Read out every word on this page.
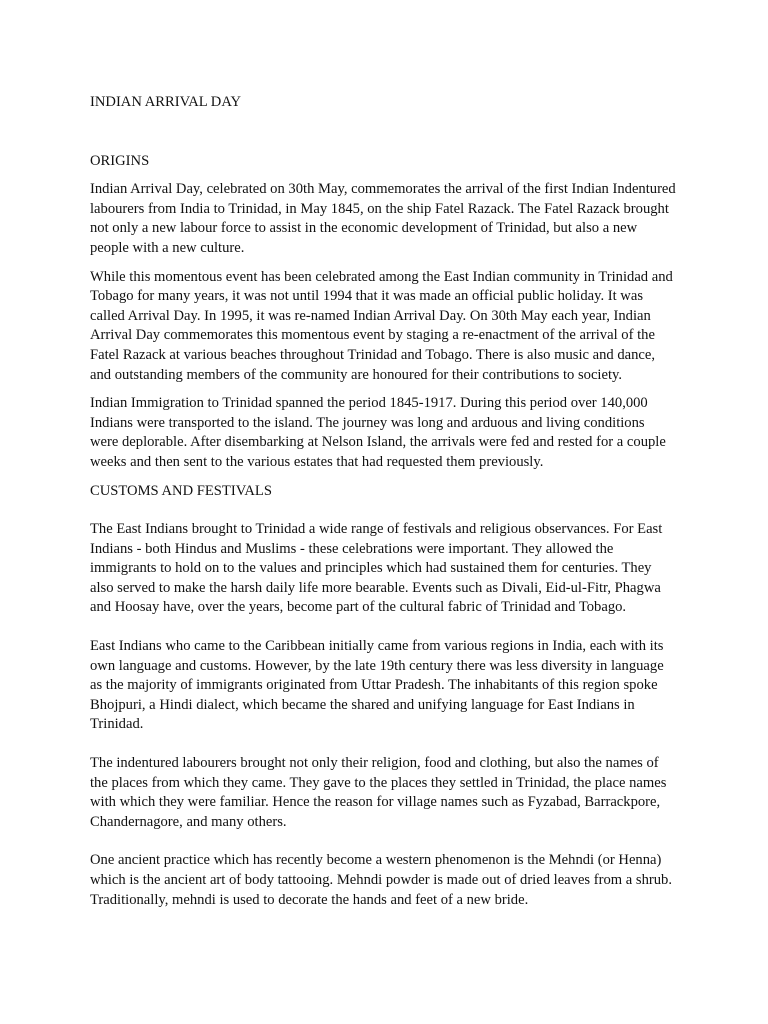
INDIAN ARRIVAL DAY
ORIGINS

Indian Arrival Day, celebrated on 30th May, commemorates the arrival of the first Indian Indentured labourers from India to Trinidad, in May 1845, on the ship Fatel Razack. The Fatel Razack brought not only a new labour force to assist in the economic development of Trinidad, but also a new people with a new culture.

While this momentous event has been celebrated among the East Indian community in Trinidad and Tobago for many years, it was not until 1994 that it was made an official public holiday. It was called Arrival Day. In 1995, it was re-named Indian Arrival Day. On 30th May each year, Indian Arrival Day commemorates this momentous event by staging a re-enactment of the arrival of the Fatel Razack at various beaches throughout Trinidad and Tobago. There is also music and dance, and outstanding members of the community are honoured for their contributions to society.

Indian Immigration to Trinidad spanned the period 1845-1917. During this period over 140,000 Indians were transported to the island. The journey was long and arduous and living conditions were deplorable. After disembarking at Nelson Island, the arrivals were fed and rested for a couple weeks and then sent to the various estates that had requested them previously.

CUSTOMS AND FESTIVALS

The East Indians brought to Trinidad a wide range of festivals and religious observances. For East Indians - both Hindus and Muslims - these celebrations were important. They allowed the immigrants to hold on to the values and principles which had sustained them for centuries. They also served to make the harsh daily life more bearable. Events such as Divali, Eid-ul-Fitr, Phagwa and Hoosay have, over the years, become part of the cultural fabric of Trinidad and Tobago.

East Indians who came to the Caribbean initially came from various regions in India, each with its own language and customs. However, by the late 19th century there was less diversity in language as the majority of immigrants originated from Uttar Pradesh. The inhabitants of this region spoke Bhojpuri, a Hindi dialect, which became the shared and unifying language for East Indians in Trinidad.

The indentured labourers brought not only their religion, food and clothing, but also the names of the places from which they came. They gave to the places they settled in Trinidad, the place names with which they were familiar. Hence the reason for village names such as Fyzabad, Barrackpore, Chandernagore, and many others.

One ancient practice which has recently become a western phenomenon is the Mehndi (or Henna) which is the ancient art of body tattooing. Mehndi powder is made out of dried leaves from a shrub. Traditionally, mehndi is used to decorate the hands and feet of a new bride.
